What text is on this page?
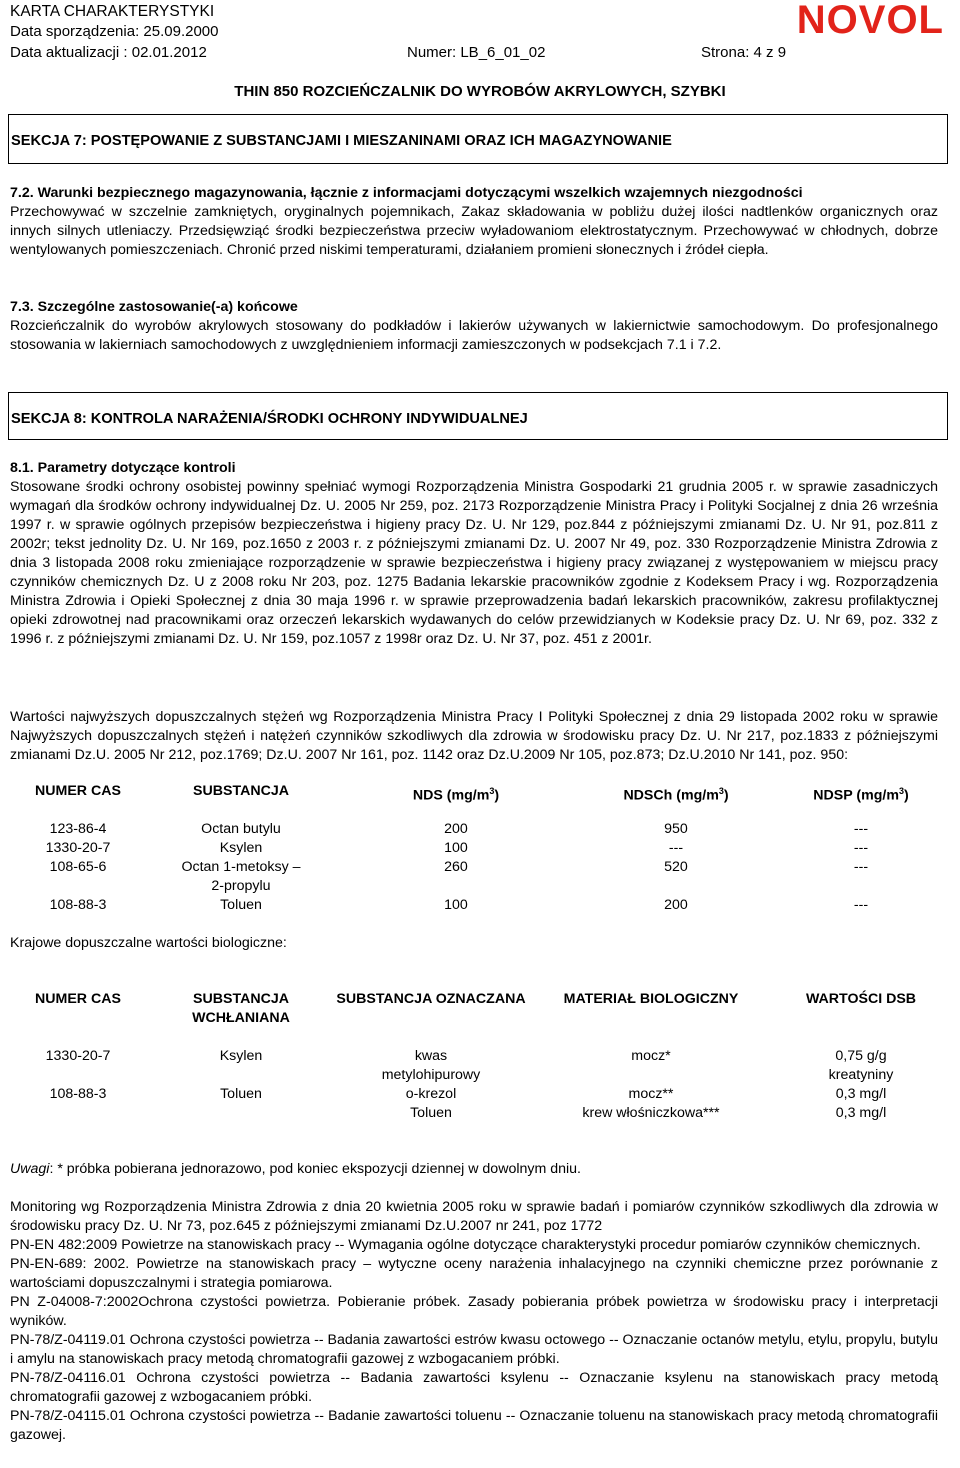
KARTA CHARAKTERYSTYKI
Data sporządzenia: 25.09.2000
Data aktualizacji : 02.01.2012	Numer: LB_6_01_02	Strona: 4 z 9
NOVOL
THIN 850 ROZCIEŃCZALNIK DO WYROBÓW AKRYLOWYCH, SZYBKI
SEKCJA 7: POSTĘPOWANIE Z SUBSTANCJAMI I MIESZANINAMI ORAZ ICH MAGAZYNOWANIE
7.2. Warunki bezpiecznego magazynowania, łącznie z informacjami dotyczącymi wszelkich wzajemnych niezgodności
Przechowywać w szczelnie zamkniętych, oryginalnych pojemnikach, Zakaz składowania w pobliżu dużej ilości nadtlenków organicznych oraz innych silnych utleniaczy. Przedsięwziąć środki bezpieczeństwa przeciw wyładowaniom elektrostatycznym. Przechowywać w chłodnych, dobrze wentylowanych pomieszczeniach. Chronić przed niskimi temperaturami, działaniem promieni słonecznych i źródeł ciepła.
7.3. Szczególne zastosowanie(-a) końcowe
Rozcieńczalnik do wyrobów akrylowych stosowany do podkładów i lakierów używanych w lakiernictwie samochodowym. Do profesjonalnego stosowania w lakierniach samochodowych z uwzględnieniem informacji zamieszczonych w podsekcjach 7.1 i 7.2.
SEKCJA 8: KONTROLA NARAŻENIA/ŚRODKI OCHRONY INDYWIDUALNEJ
8.1. Parametry dotyczące kontroli
Stosowane środki ochrony osobistej powinny spełniać wymogi Rozporządzenia Ministra Gospodarki 21 grudnia 2005 r. w sprawie zasadniczych wymagań dla środków ochrony indywidualnej Dz. U. 2005 Nr 259, poz. 2173 Rozporządzenie Ministra Pracy i Polityki Socjalnej z dnia 26 września 1997 r. w sprawie ogólnych przepisów bezpieczeństwa i higieny pracy Dz. U. Nr 129, poz.844 z późniejszymi zmianami Dz. U. Nr 91, poz.811 z 2002r; tekst jednolity Dz. U. Nr 169, poz.1650 z 2003 r. z późniejszymi zmianami Dz. U. 2007 Nr 49, poz. 330 Rozporządzenie Ministra Zdrowia z dnia 3 listopada 2008 roku zmieniające rozporządzenie w sprawie bezpieczeństwa i higieny pracy związanej z występowaniem w miejscu pracy czynników chemicznych Dz. U z 2008 roku Nr 203, poz. 1275 Badania lekarskie pracowników zgodnie z Kodeksem Pracy i wg. Rozporządzenia Ministra Zdrowia i Opieki Społecznej z dnia 30 maja 1996 r. w sprawie przeprowadzenia badań lekarskich pracowników, zakresu profilaktycznej opieki zdrowotnej nad pracownikami oraz orzeczeń lekarskich wydawanych do celów przewidzianych w Kodeksie pracy Dz. U. Nr 69, poz. 332 z 1996 r. z późniejszymi zmianami Dz. U. Nr 159, poz.1057 z 1998r oraz Dz. U. Nr 37, poz. 451 z 2001r.
Wartości najwyższych dopuszczalnych stężeń wg Rozporządzenia Ministra Pracy I Polityki Społecznej z dnia 29 listopada 2002 roku w sprawie Najwyższych dopuszczalnych stężeń i natężeń czynników szkodliwych dla zdrowia w środowisku pracy Dz. U. Nr 217, poz.1833 z późniejszymi zmianami Dz.U. 2005 Nr 212, poz.1769; Dz.U. 2007 Nr 161, poz. 1142 oraz Dz.U.2009 Nr 105, poz.873; Dz.U.2010 Nr 141, poz. 950:
NUMER CAS	SUBSTANCJA	NDS $(mg/m^3)$	NDSCh $(mg/m^3)$	NDSP $(mg/m^3)$
123-86-4	Octan butylu	200	950	---
1330-20-7	Ksylen	100	---	---
108-65-6	Octan 1-metoksy – 2-propylu	260	520	---
108-88-3	Toluen	100	200	---
Krajowe dopuszczalne wartości biologiczne:
NUMER CAS	SUBSTANCJA WCHŁANIANA	SUBSTANCJA OZNACZANA	MATERIAŁ BIOLOGICZNY	WARTOŚCI DSB
1330-20-7	Ksylen	kwas metylohipurowy	mocz*	0,75 g/g kreatyniny
108-88-3	Toluen	o-krezol	mocz**	0,3 mg/l
		Toluen	krew włośniczkowa***	0,3 mg/l
Uwagi: * próbka pobierana jednorazowo, pod koniec ekspozycji dziennej w dowolnym dniu.
Monitoring wg Rozporządzenia Ministra Zdrowia z dnia 20 kwietnia 2005 roku w sprawie badań i pomiarów czynników szkodliwych dla zdrowia w środowisku pracy Dz. U. Nr 73, poz.645 z późniejszymi zmianami Dz.U.2007 nr 241, poz 1772
PN-EN 482:2009 Powietrze na stanowiskach pracy -- Wymagania ogólne dotyczące charakterystyki procedur pomiarów czynników chemicznych.
PN-EN-689: 2002. Powietrze na stanowiskach pracy – wytyczne oceny narażenia inhalacyjnego na czynniki chemiczne przez porównanie z wartościami dopuszczalnymi i strategia pomiarowa.
PN Z-04008-7:2002Ochrona czystości powietrza. Pobieranie próbek. Zasady pobierania próbek powietrza w środowisku pracy i interpretacji wyników.
PN-78/Z-04119.01 Ochrona czystości powietrza -- Badania zawartości estrów kwasu octowego -- Oznaczanie octanów metylu, etylu, propylu, butylu i amylu na stanowiskach pracy metodą chromatografii gazowej z wzbogacaniem próbki.
PN-78/Z-04116.01 Ochrona czystości powietrza -- Badania zawartości ksylenu -- Oznaczanie ksylenu na stanowiskach pracy metodą chromatografii gazowej z wzbogacaniem próbki.
PN-78/Z-04115.01 Ochrona czystości powietrza -- Badanie zawartości toluenu -- Oznaczanie toluenu na stanowiskach pracy metodą chromatografii gazowej.
